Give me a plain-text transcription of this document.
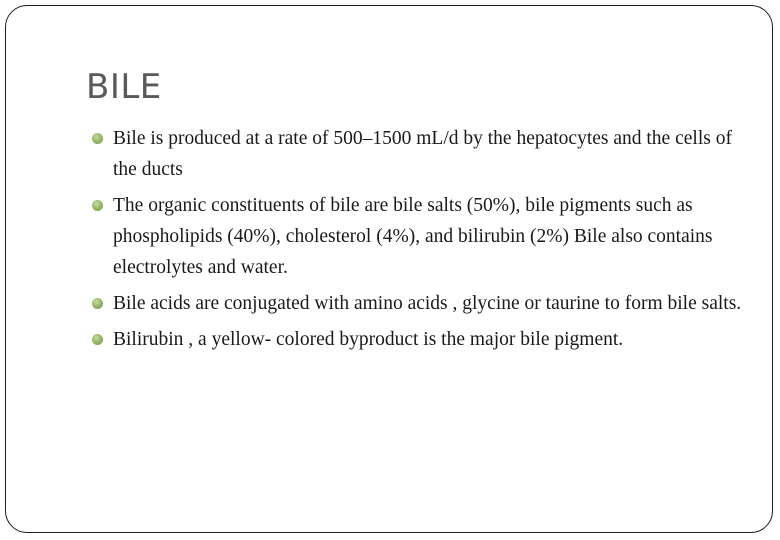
BILE
Bile is produced at a rate of 500–1500 mL/d by the hepatocytes and the cells of the ducts
The organic constituents of bile are bile salts (50%), bile pigments such as phospholipids (40%), cholesterol (4%), and bilirubin (2%) Bile also contains electrolytes and water.
Bile acids are conjugated with amino acids , glycine or taurine to form bile salts.
Bilirubin , a yellow- colored byproduct is the major bile pigment.
